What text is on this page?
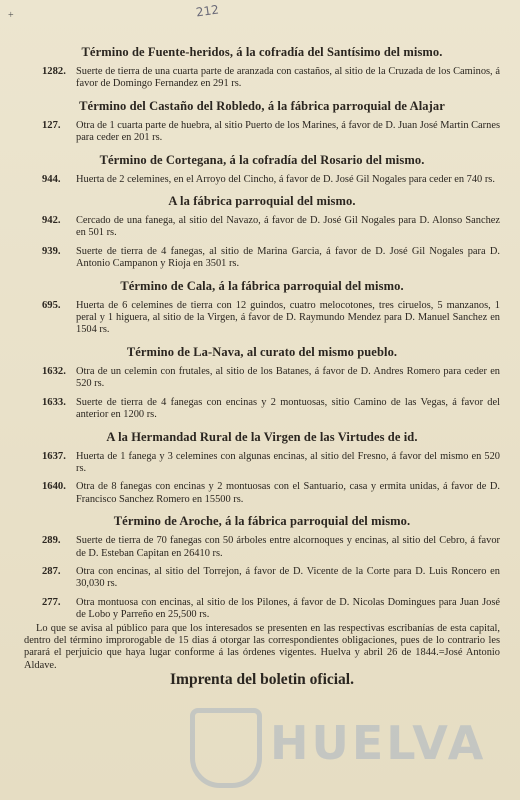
+	212
Término de Fuente-heridos, á la cofradía del Santísimo del mismo.
1282. Suerte de tierra de una cuarta parte de aranzada con castaños, al sitio de la Cruzada de los Caminos, á favor de Domingo Fernandez en 291 rs.
Término del Castaño del Robledo, á la fábrica parroquial de Alajar
127.	Otra de 1 cuarta parte de huebra, al sitio Puerto de los Marines, á favor de D. Juan José Martin Carnes para ceder en 201 rs.
Término de Corteganа, á la cofradía del Rosario del mismo.
944.	Huerta de 2 celemines, en el Arroyo del Cincho, á favor de D. José Gil Nogales para ceder en 740 rs.
A la fábrica parroquial del mismo.
942.	Cercado de una fanega, al sitio del Navazo, á favor de D. José Gil Nogales para D. Alonso Sanchez en 501 rs.
939.	Suerte de tierra de 4 fanegas, al sitio de Marina Garcia, á favor de D. José Gil Nogales para D. Antonio Campanon y Rioja en 3501 rs.
Término de Cala, á la fábrica parroquial del mismo.
695.	Huerta de 6 celemines de tierra con 12 guindos, cuatro melocotones, tres ciruelos, 5 manzanos, 1 peral y 1 higuera, al sitio de la Virgen, á favor de D. Raymundo Mendez para D. Manuel Sanchez en 1504 rs.
Término de La-Nava, al curato del mismo pueblo.
1632. Otra de un celemin con frutales, al sitio de los Batanes, á favor de D. Andres Romero para ceder en 520 rs.
1633. Suerte de tierra de 4 fanegas con encinas y 2 montuosas, sitio Camino de las Vegas, á favor del anterior en 1200 rs.
A la Hermandad Rural de la Virgen de las Virtudes de id.
1637. Huerta de 1 fanega y 3 celemines con algunas encinas, al sitio del Fresno, á favor del mismo en 520 rs.
1640. Otra de 8 fanegas con encinas y 2 montuosas con el Santuario, casa y ermita unidas, á favor de D. Francisco Sanchez Romero en 15500 rs.
Término de Aroche, á la fábrica parroquial del mismo.
289.	Suerte de tierra de 70 fanegas con 50 árboles entre alcornoques y encinas, al sitio del Cebro, á favor de D. Esteban Capitan en 26410 rs.
287.	Otra con encinas, al sitio del Torrejon, á favor de D. Vicente de la Corte para D. Luis Roncero en 30,030 rs.
277.	Otra montuosa con encinas, al sitio de los Pilones, á favor de D. Nicolas Domingues para Juan José de Lobo y Parreño en 25,500 rs.
Lo que se avisa al público para que los interesados se presenten en las respectivas escribanías de esta capital, dentro del término improrogable de 15 dias á otorgar las correspondientes obligaciones, pues de lo contrario les parará el perjuicio que haya lugar conforme á las órdenes vigentes. Huelva y abril 26 de 1844.=José Antonio Aldave.
Imprenta del boletin oficial.
HUELVA
